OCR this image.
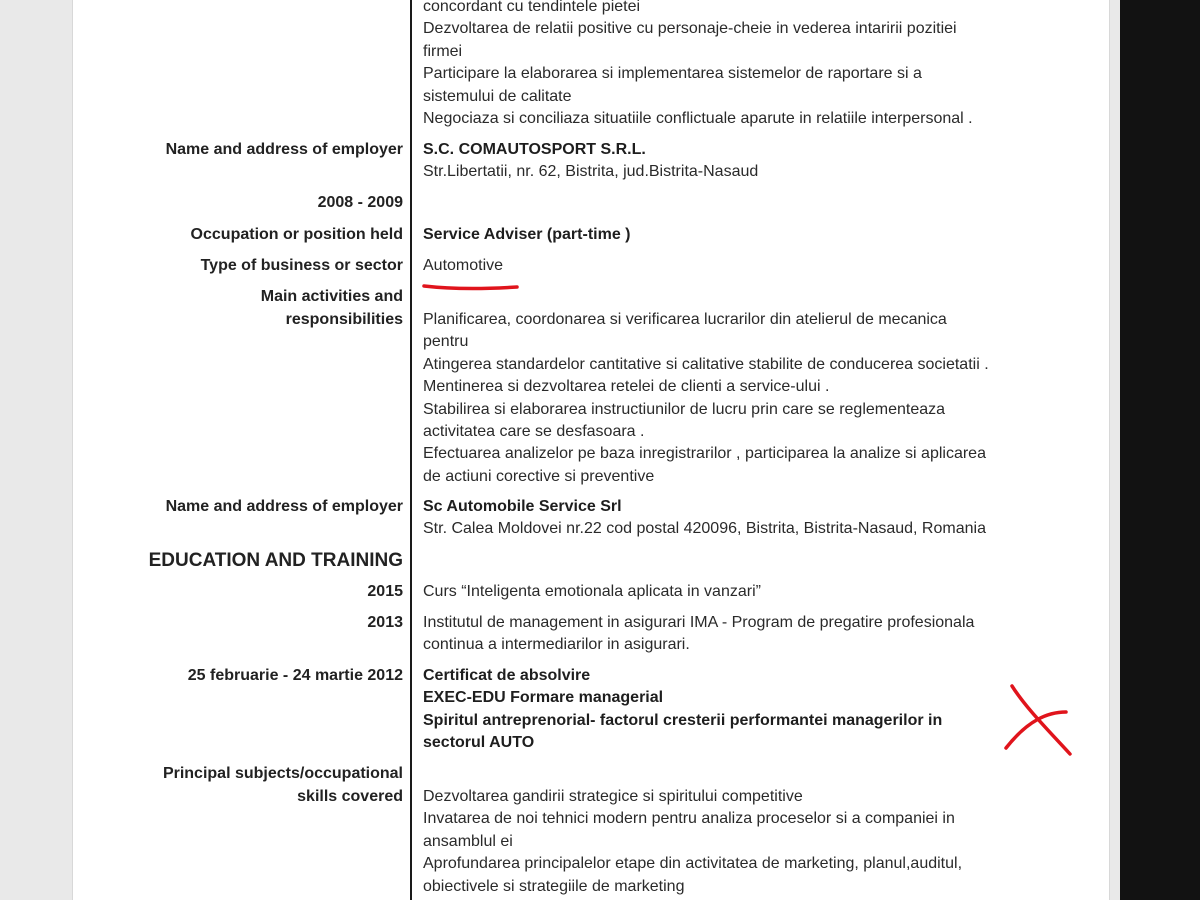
concordant cu tendintele pietei
Dezvoltarea de relatii positive cu personaje-cheie in vederea intaririi pozitiei
firmei
Participare la elaborarea si implementarea sistemelor de raportare si a
sistemului de calitate
Negociaza si conciliaza situatiile conflictuale aparute in relatiile interpersonal .
Name and address of employer S.C. COMAUTOSPORT S.R.L.
Str.Libertatii, nr. 62, Bistrita, jud.Bistrita-Nasaud
2008 - 2009
Occupation or position held Service Adviser (part-time )
Type of business or sector Automotive
Main activities and
responsibilities Planificarea, coordonarea si verificarea lucrarilor din atelierul de mecanica
pentru
Atingerea standardelor cantitative si calitative stabilite de conducerea societatii .
Mentinerea si dezvoltarea retelei de clienti a service-ului .
Stabilirea si elaborarea instructiunilor de lucru prin care se reglementeaza
activitatea care se desfasoara .
Efectuarea analizelor pe baza inregistrarilor , participarea la analize si aplicarea
de actiuni corective si preventive
Name and address of employer Sc Automobile Service Srl
Str. Calea Moldovei nr.22 cod postal 420096, Bistrita, Bistrita-Nasaud, Romania
EDUCATION AND TRAINING
2015 Curs “Inteligenta emotionala aplicata in vanzari”
2013 Institutul de management in asigurari IMA - Program de pregatire profesionala
continua a intermediarilor in asigurari.
25 februarie - 24 martie 2012 Certificat de absolvire
EXEC-EDU Formare managerial
Spiritul antreprenorial- factorul cresterii performantei managerilor in
sectorul AUTO
Principal subjects/occupational
skills covered Dezvoltarea gandirii strategice si spiritului competitive
Invatarea de noi tehnici modern pentru analiza proceselor si a companiei in
ansamblul ei
Aprofundarea principalelor etape din activitatea de marketing, planul,auditul,
obiectivele si strategiile de marketing
